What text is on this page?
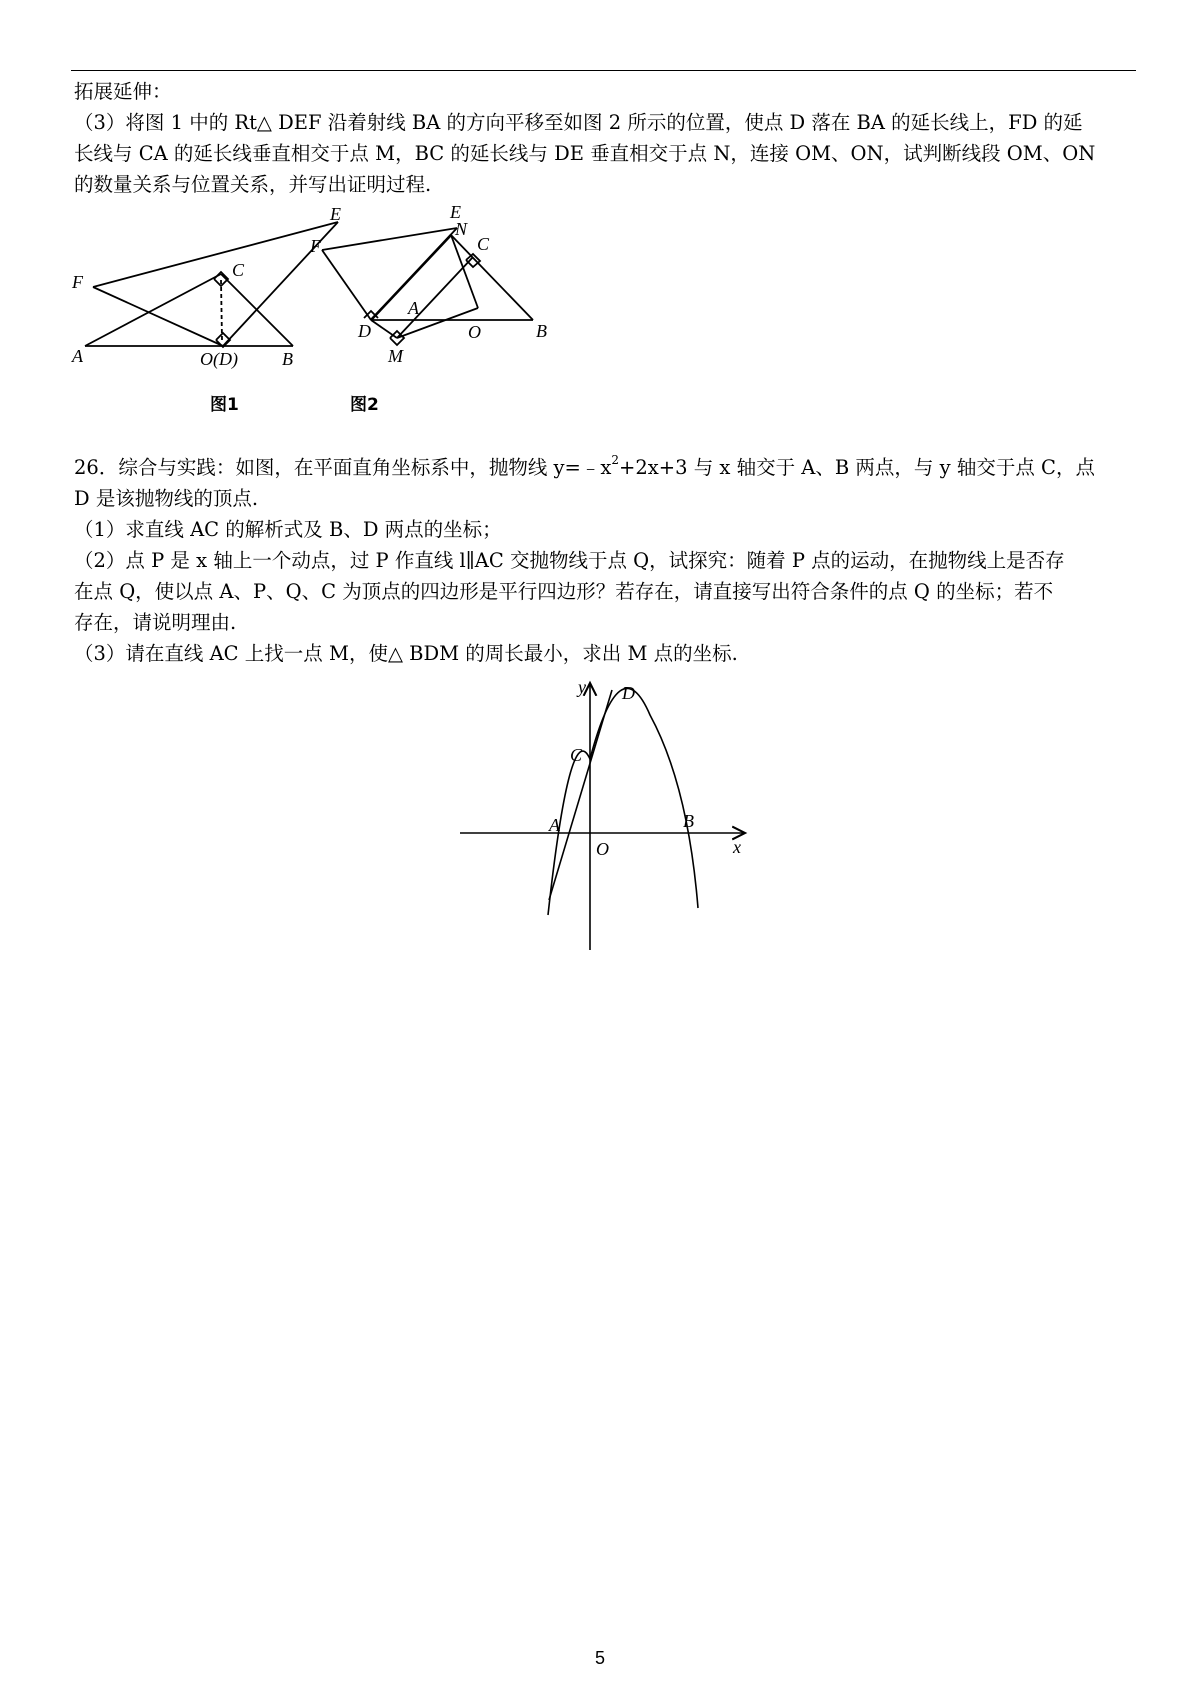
拓展延伸：
（3）将图 1 中的 Rt△ DEF 沿着射线 BA 的方向平移至如图 2 所示的位置，使点 D 落在 BA 的延长线上，FD 的延
长线与 CA 的延长线垂直相交于点 M，BC 的延长线与 DE 垂直相交于点 N，连接 OM、ON，试判断线段 OM、ON
的数量关系与位置关系，并写出证明过程.
E
F
C
A	O(D) B
图1
E
N
C
F
A
D	O	B
M
图2
26．综合与实践：如图，在平面直角坐标系中，抛物线 $y=﹣x^2+2x+3$ 与 x 轴交于 A、B 两点，与 y 轴交于点 C，点
D 是该抛物线的顶点.
（1）求直线 AC 的解析式及 B、D 两点的坐标；
（2）点 P 是 x 轴上一个动点，过 P 作直线 l∥AC 交抛物线于点 Q，试探究：随着 P 点的运动，在抛物线上是否存
在点 Q，使以点 A、P、Q、C 为顶点的四边形是平行四边形？若存在，请直接写出符合条件的点 Q 的坐标；若不
存在，请说明理由.
（3）请在直线 AC 上找一点 M，使△ BDM 的周长最小，求出 M 点的坐标.
y
x
D
C
A	B
O
5
